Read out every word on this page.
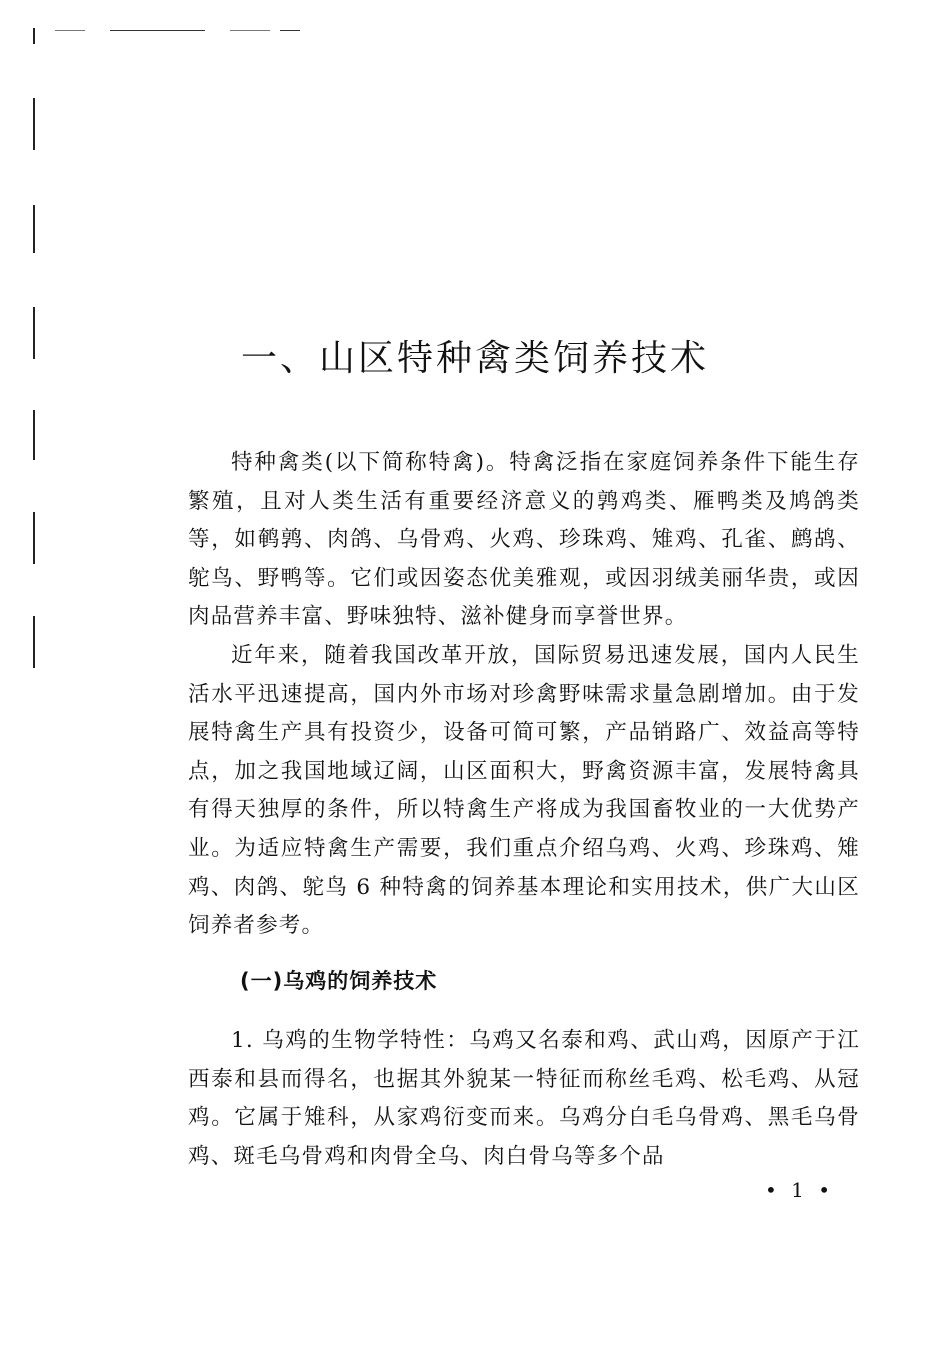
一、山区特种禽类饲养技术

特种禽类(以下简称特禽)。特禽泛指在家庭饲养条件下能生存繁殖，且对人类生活有重要经济意义的鹑鸡类、雁鸭类及鸠鸽类等，如鹌鹑、肉鸽、乌骨鸡、火鸡、珍珠鸡、雉鸡、孔雀、鹧鸪、鸵鸟、野鸭等。它们或因姿态优美雅观，或因羽绒美丽华贵，或因肉品营养丰富、野味独特、滋补健身而享誉世界。

近年来，随着我国改革开放，国际贸易迅速发展，国内人民生活水平迅速提高，国内外市场对珍禽野味需求量急剧增加。由于发展特禽生产具有投资少，设备可简可繁，产品销路广、效益高等特点，加之我国地域辽阔，山区面积大，野禽资源丰富，发展特禽具有得天独厚的条件，所以特禽生产将成为我国畜牧业的一大优势产业。为适应特禽生产需要，我们重点介绍乌鸡、火鸡、珍珠鸡、雉鸡、肉鸽、鸵鸟 6 种特禽的饲养基本理论和实用技术，供广大山区饲养者参考。

(一)乌鸡的饲养技术

1. 乌鸡的生物学特性：乌鸡又名泰和鸡、武山鸡，因原产于江西泰和县而得名，也据其外貌某一特征而称丝毛鸡、松毛鸡、从冠鸡。它属于雉科，从家鸡衍变而来。乌鸡分白毛乌骨鸡、黑毛乌骨鸡、斑毛乌骨鸡和肉骨全乌、肉白骨乌等多个品

• 1 •
